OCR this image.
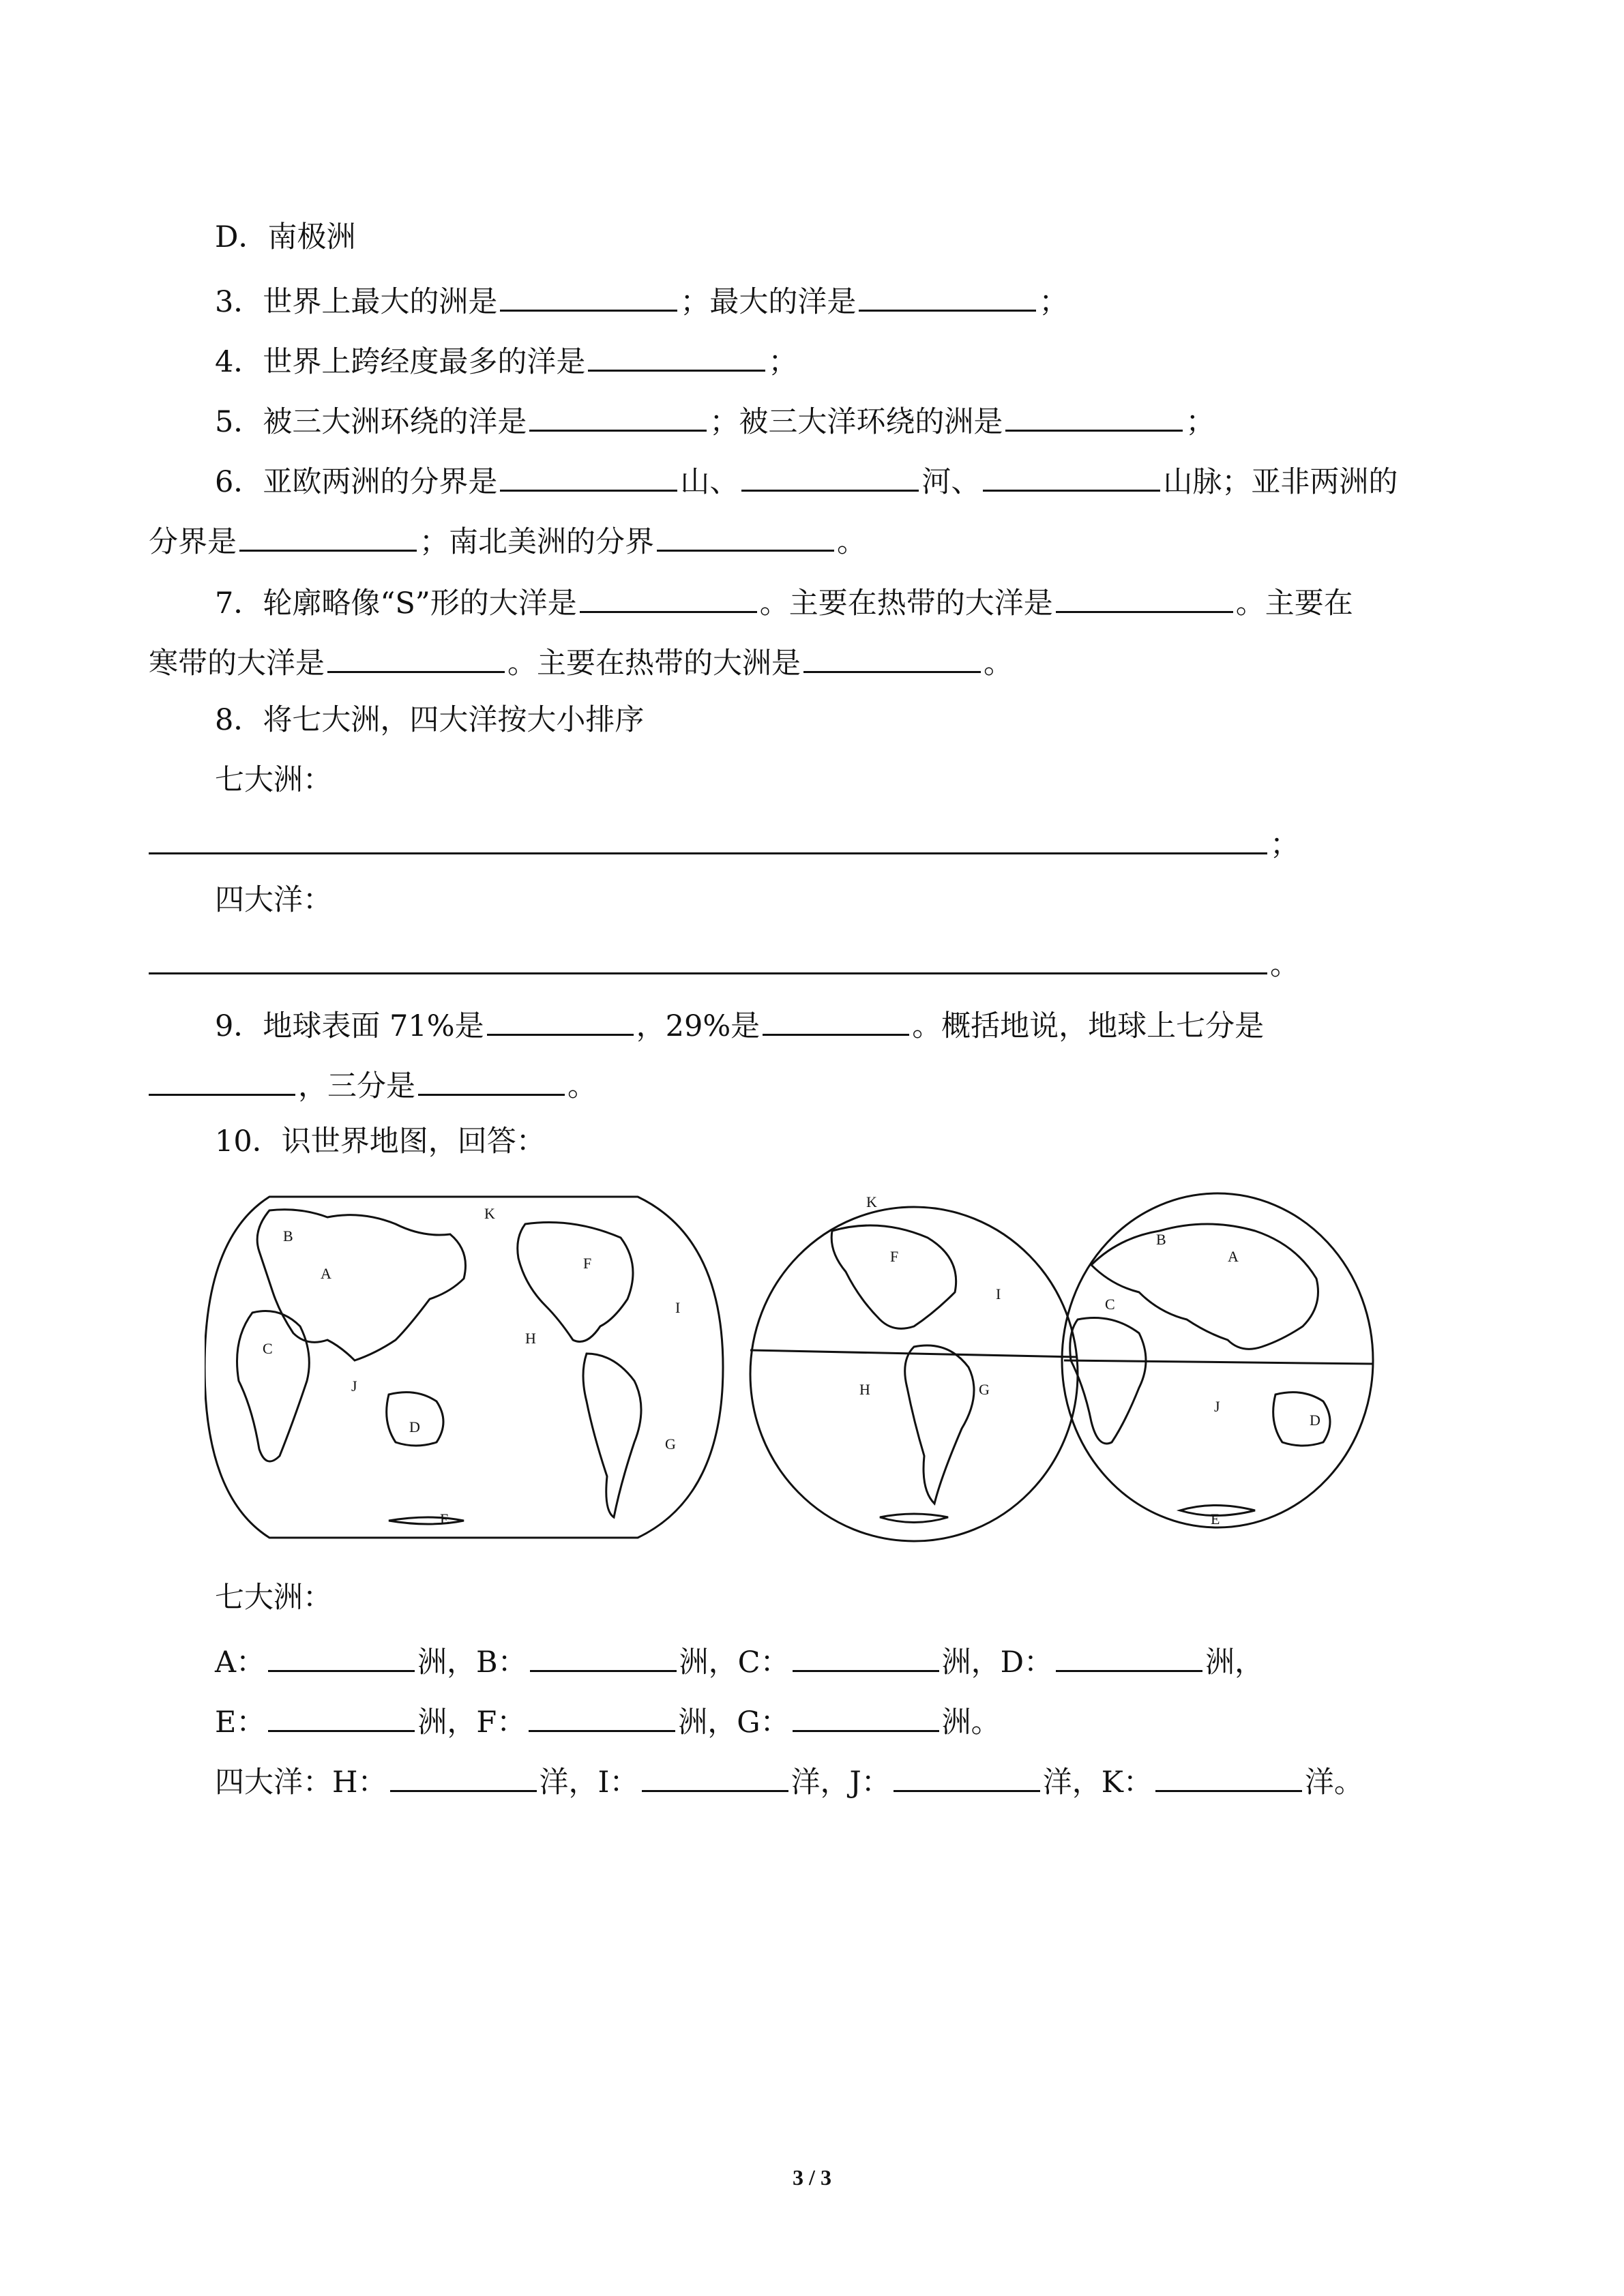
D．南极洲
3．世界上最大的洲是	；最大的洋是	；
4．世界上跨经度最多的洋是	；
5．被三大洲环绕的洋是	；被三大洋环绕的洲是	；
6．亚欧两洲的分界是	山、	河、	山脉；亚非两洲的
分界是	；南北美洲的分界	。
7．轮廓略像“S”形的大洋是	。主要在热带的大洋是	。主要在
寒带的大洋是	。主要在热带的大洲是	。
8．将七大洲，四大洋按大小排序
七大洲：
；
四大洋：
。
9．地球表面 71%是	，29%是	。概括地说，地球上七分是
，三分是	。
10．识世界地图，回答：
A
B
C
D
E
F
G
H
I
J
K
K
F
I
H	G
B
A
C
J
D
E
七大洲：
A：	洲，B：	洲，C：	洲，D：	洲，
E：	洲，F：	洲，G：	洲。
四大洋：H：	洋，I：	洋，J：	洋，K：	洋。
3 / 3
